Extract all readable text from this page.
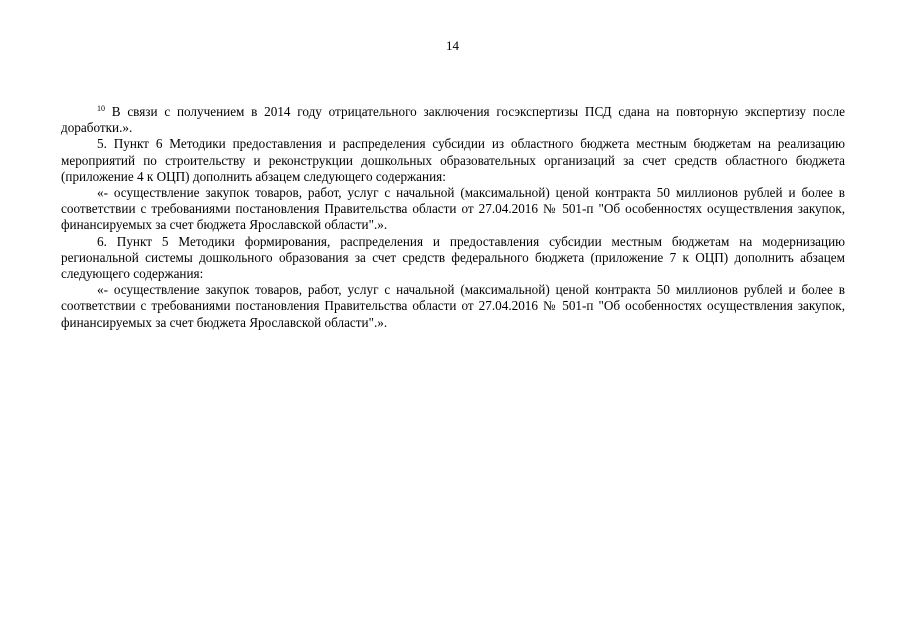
14

$^{10}$ В связи с получением в 2014 году отрицательного заключения госэкспертизы ПСД сдана на повторную экспертизу после доработки.».

5. Пункт 6 Методики предоставления и распределения субсидии из областного бюджета местным бюджетам на реализацию мероприятий по строительству и реконструкции дошкольных образовательных организаций за счет средств областного бюджета (приложение 4 к ОЦП) дополнить абзацем следующего содержания:

«- осуществление закупок товаров, работ, услуг с начальной (максимальной) ценой контракта 50 миллионов рублей и более в соответствии с требованиями постановления Правительства области от 27.04.2016 № 501-п "Об особенностях осуществления закупок, финансируемых за счет бюджета Ярославской области".».

6. Пункт 5 Методики формирования, распределения и предоставления субсидии местным бюджетам на модернизацию региональной системы дошкольного образования за счет средств федерального бюджета (приложение 7 к ОЦП) дополнить абзацем следующего содержания:

«- осуществление закупок товаров, работ, услуг с начальной (максимальной) ценой контракта 50 миллионов рублей и более в соответствии с требованиями постановления Правительства области от 27.04.2016 № 501-п "Об особенностях осуществления закупок, финансируемых за счет бюджета Ярославской области".».
